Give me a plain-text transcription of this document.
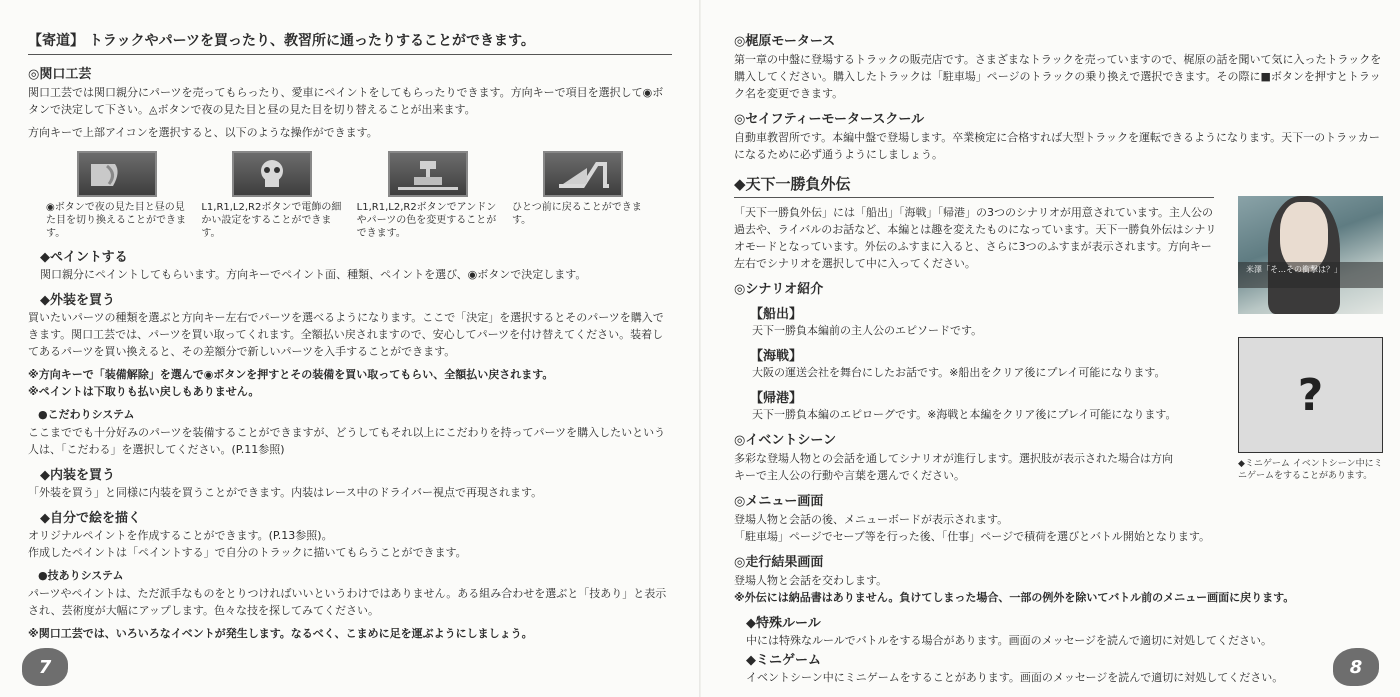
【寄道】 トラックやパーツを買ったり、教習所に通ったりすることができます。
◎関口工芸
関口工芸では関口親分にパーツを売ってもらったり、愛車にペイントをしてもらったりできます。方向キーで項目を選択して◉ボタンで決定して下さい。◬ボタンで夜の見た目と昼の見た目を切り替えることが出来ます。
方向キーで上部アイコンを選択すると、以下のような操作ができます。
◉ボタンで夜の見た目と昼の見た目を切り換えることができます。
L1,R1,L2,R2ボタンで電飾の細かい設定をすることができます。
L1,R1,L2,R2ボタンでアンドンやパーツの色を変更することができます。
ひとつ前に戻ることができます。
◆ペイントする
関口親分にペイントしてもらいます。方向キーでペイント面、種類、ペイントを選び、◉ボタンで決定します。
◆外装を買う
買いたいパーツの種類を選ぶと方向キー左右でパーツを選べるようになります。ここで「決定」を選択するとそのパーツを購入できます。関口工芸では、パーツを買い取ってくれます。全額払い戻されますので、安心してパーツを付け替えてください。装着してあるパーツを買い換えると、その差額分で新しいパーツを入手することができます。
※方向キーで「装備解除」を選んで◉ボタンを押すとその装備を買い取ってもらい、全額払い戻されます。
※ペイントは下取りも払い戻しもありません。
●こだわりシステム
ここまででも十分好みのパーツを装備することができますが、どうしてもそれ以上にこだわりを持ってパーツを購入したいという人は、「こだわる」を選択してください。(P.11参照)
◆内装を買う
「外装を買う」と同様に内装を買うことができます。内装はレース中のドライバー視点で再現されます。
◆自分で絵を描く
オリジナルペイントを作成することができます。(P.13参照)。
作成したペイントは「ペイントする」で自分のトラックに描いてもらうことができます。
●技ありシステム
パーツやペイントは、ただ派手なものをとりつければいいというわけではありません。ある組み合わせを選ぶと「技あり」と表示され、芸術度が大幅にアップします。色々な技を探してみてください。
※関口工芸では、いろいろなイベントが発生します。なるべく、こまめに足を運ぶようにしましょう。
7
◎梶原モータース
第一章の中盤に登場するトラックの販売店です。さまざまなトラックを売っていますので、梶原の話を聞いて気に入ったトラックを購入してください。購入したトラックは「駐車場」ページのトラックの乗り換えで選択できます。その際に■ボタンを押すとトラック名を変更できます。
◎セイフティーモータースクール
自動車教習所です。本編中盤で登場します。卒業検定に合格すれば大型トラックを運転できるようになります。天下一のトラッカーになるために必ず通うようにしましょう。
◆天下一勝負外伝
「天下一勝負外伝」には「船出」「海戦」「帰港」の3つのシナリオが用意されています。主人公の過去や、ライバルのお話など、本編とは趣を変えたものになっています。天下一勝負外伝はシナリオモードとなっています。外伝のふすまに入ると、さらに3つのふすまが表示されます。方向キー左右でシナリオを選択して中に入ってください。
◎シナリオ紹介
【船出】
天下一勝負本編前の主人公のエピソードです。
【海戦】
大阪の運送会社を舞台にしたお話です。※船出をクリア後にプレイ可能になります。
【帰港】
天下一勝負本編のエピローグです。※海戦と本編をクリア後にプレイ可能になります。
◎イベントシーン
多彩な登場人物との会話を通してシナリオが進行します。選択肢が表示された場合は方向キーで主人公の行動や言葉を選んでください。
◎メニュー画面
登場人物と会話の後、メニューボードが表示されます。
「駐車場」ページでセーブ等を行った後、「仕事」ページで積荷を選びとバトル開始となります。
◎走行結果画面
登場人物と会話を交わします。
※外伝には納品書はありません。負けてしまった場合、一部の例外を除いてバトル前のメニュー画面に戻ります。
◆特殊ルール
中には特殊なルールでバトルをする場合があります。画面のメッセージを読んで適切に対処してください。
◆ミニゲーム
イベントシーン中にミニゲームをすることがあります。画面のメッセージを読んで適切に対処してください。
米澤「そ…その衝撃は？」
?
◆ミニゲーム イベントシーン中にミニゲームをすることがあります。
8
